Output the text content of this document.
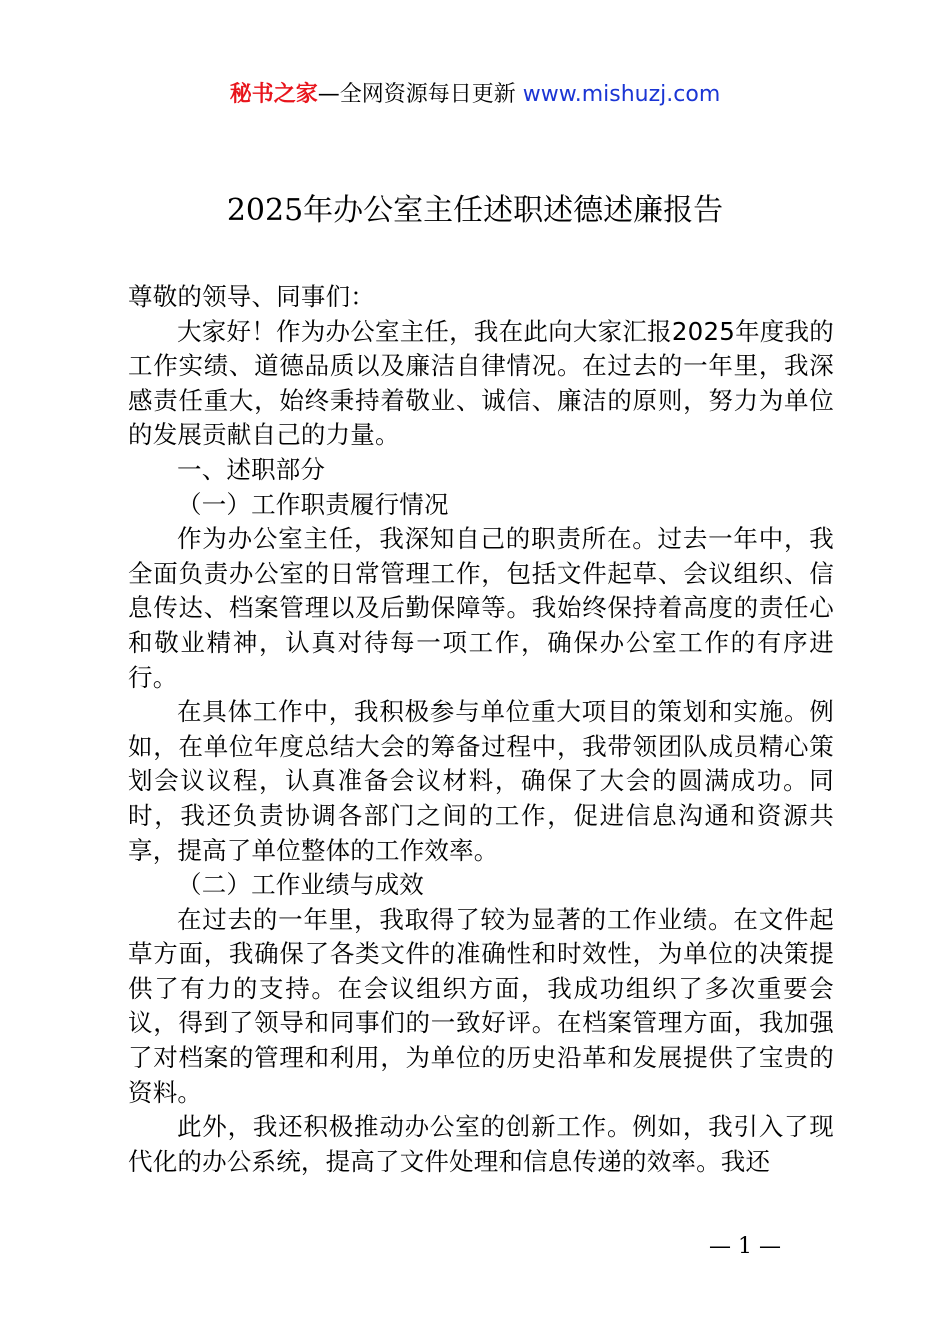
秘书之家—全网资源每日更新 www.mishuzj.com
2025年办公室主任述职述德述廉报告

尊敬的领导、同事们：

大家好！作为办公室主任，我在此向大家汇报2025年度我的工作实绩、道德品质以及廉洁自律情况。在过去的一年里，我深感责任重大，始终秉持着敬业、诚信、廉洁的原则，努力为单位的发展贡献自己的力量。

一、述职部分

（一）工作职责履行情况

作为办公室主任，我深知自己的职责所在。过去一年中，我全面负责办公室的日常管理工作，包括文件起草、会议组织、信息传达、档案管理以及后勤保障等。我始终保持着高度的责任心和敬业精神，认真对待每一项工作，确保办公室工作的有序进行。

在具体工作中，我积极参与单位重大项目的策划和实施。例如，在单位年度总结大会的筹备过程中，我带领团队成员精心策划会议议程，认真准备会议材料，确保了大会的圆满成功。同时，我还负责协调各部门之间的工作，促进信息沟通和资源共享，提高了单位整体的工作效率。

（二）工作业绩与成效

在过去的一年里，我取得了较为显著的工作业绩。在文件起草方面，我确保了各类文件的准确性和时效性，为单位的决策提供了有力的支持。在会议组织方面，我成功组织了多次重要会议，得到了领导和同事们的一致好评。在档案管理方面，我加强了对档案的管理和利用，为单位的历史沿革和发展提供了宝贵的资料。

此外，我还积极推动办公室的创新工作。例如，我引入了现代化的办公系统，提高了文件处理和信息传递的效率。我还

— 1 —
